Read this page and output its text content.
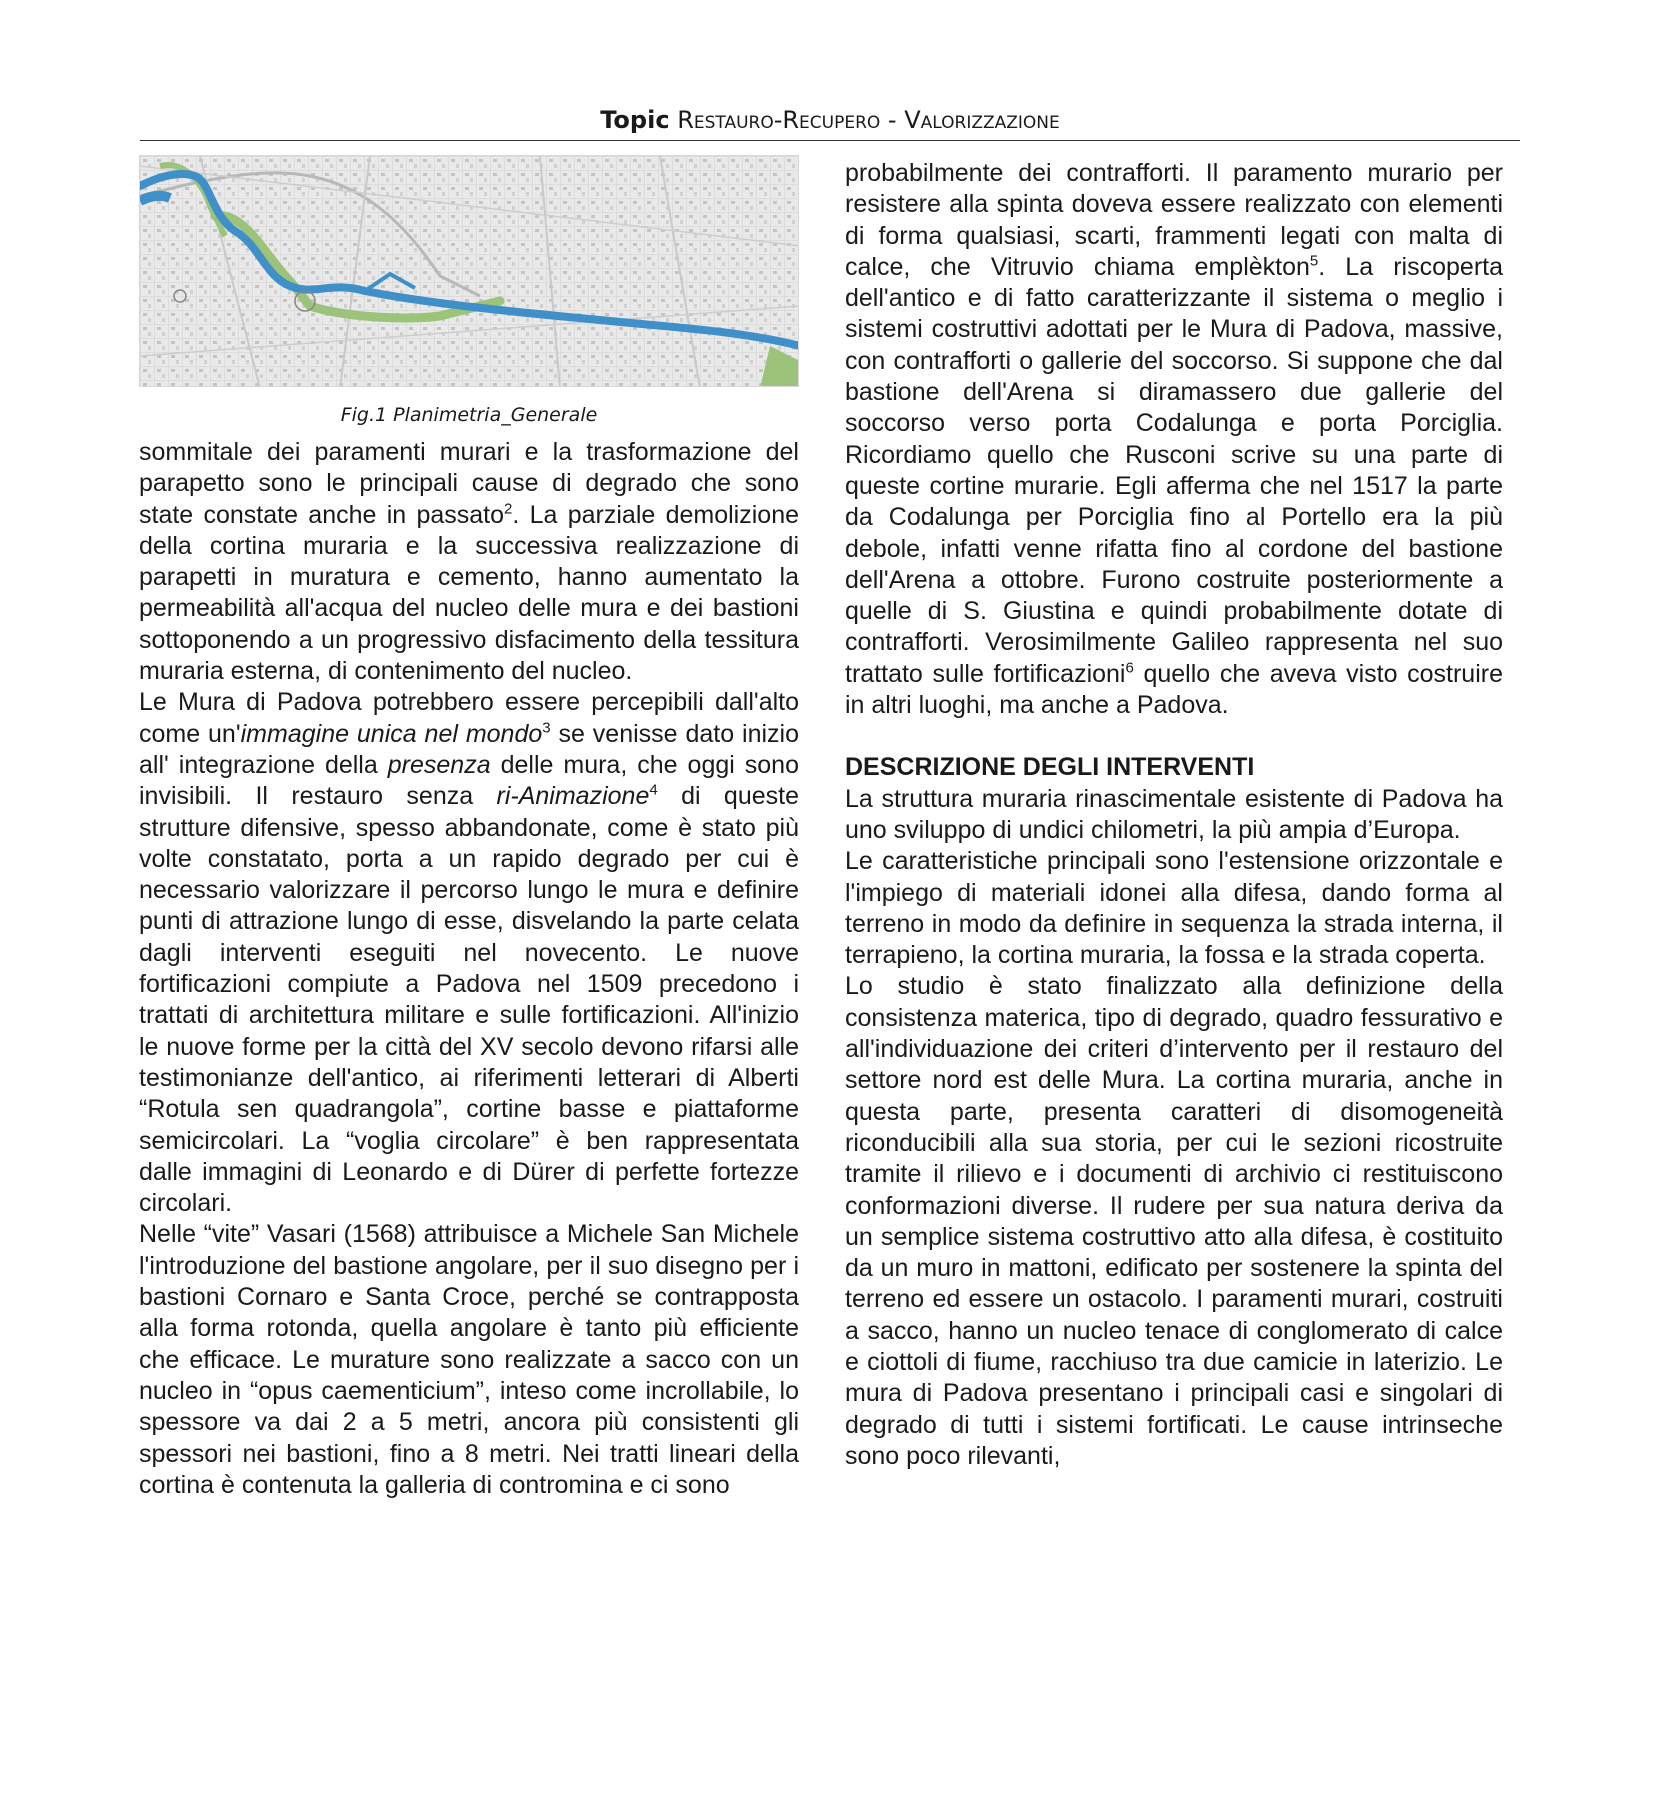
Topic Restauro-Recupero - Valorizzazione
Fig.1 Planimetria_Generale

sommitale dei paramenti murari e la trasformazione del parapetto sono le principali cause di degrado che sono state constate anche in passato$^2$. La parziale demolizione della cortina muraria e la successiva realizzazione di parapetti in muratura e cemento, hanno aumentato la permeabilità all'acqua del nucleo delle mura e dei bastioni sottoponendo a un progressivo disfacimento della tessitura muraria esterna, di contenimento del nucleo.

Le Mura di Padova potrebbero essere percepibili dall'alto come un'immagine unica nel mondo$^3$ se venisse dato inizio all' integrazione della presenza delle mura, che oggi sono invisibili. Il restauro senza ri-Animazione$^4$ di queste strutture difensive, spesso abbandonate, come è stato più volte constatato, porta a un rapido degrado per cui è necessario valorizzare il percorso lungo le mura e definire punti di attrazione lungo di esse, disvelando la parte celata dagli interventi eseguiti nel novecento. Le nuove fortificazioni compiute a Padova nel 1509 precedono i trattati di architettura militare e sulle fortificazioni. All'inizio le nuove forme per la città del XV secolo devono rifarsi alle testimonianze dell'antico, ai riferimenti letterari di Alberti “Rotula sen quadrangola”, cortine basse e piattaforme semicircolari. La “voglia circolare” è ben rappresentata dalle immagini di Leonardo e di Dürer di perfette fortezze circolari.

Nelle “vite” Vasari (1568) attribuisce a Michele San Michele l'introduzione del bastione angolare, per il suo disegno per i bastioni Cornaro e Santa Croce, perché se contrapposta alla forma rotonda, quella angolare è tanto più efficiente che efficace. Le murature sono realizzate a sacco con un nucleo in “opus caementicium”, inteso come incrollabile, lo spessore va dai 2 a 5 metri, ancora più consistenti gli spessori nei bastioni, fino a 8 metri. Nei tratti lineari della cortina è contenuta la galleria di contromina e ci sono

probabilmente dei contrafforti. Il paramento murario per resistere alla spinta doveva essere realizzato con elementi di forma qualsiasi, scarti, frammenti legati con malta di calce, che Vitruvio chiama emplèkton$^5$. La riscoperta dell'antico e di fatto caratterizzante il sistema o meglio i sistemi costruttivi adottati per le Mura di Padova, massive, con contrafforti o gallerie del soccorso. Si suppone che dal bastione dell'Arena si diramassero due gallerie del soccorso verso porta Codalunga e porta Porciglia. Ricordiamo quello che Rusconi scrive su una parte di queste cortine murarie. Egli afferma che nel 1517 la parte da Codalunga per Porciglia fino al Portello era la più debole, infatti venne rifatta fino al cordone del bastione dell'Arena a ottobre. Furono costruite posteriormente a quelle di S. Giustina e quindi probabilmente dotate di contrafforti. Verosimilmente Galileo rappresenta nel suo trattato sulle fortificazioni$^6$ quello che aveva visto costruire in altri luoghi, ma anche a Padova.

DESCRIZIONE DEGLI INTERVENTI

La struttura muraria rinascimentale esistente di Padova ha uno sviluppo di undici chilometri, la più ampia d’Europa.

Le caratteristiche principali sono l'estensione orizzontale e l'impiego di materiali idonei alla difesa, dando forma al terreno in modo da definire in sequenza la strada interna, il terrapieno, la cortina muraria, la fossa e la strada coperta.

Lo studio è stato finalizzato alla definizione della consistenza materica, tipo di degrado, quadro fessurativo e all'individuazione dei criteri d’intervento per il restauro del settore nord est delle Mura. La cortina muraria, anche in questa parte, presenta caratteri di disomogeneità riconducibili alla sua storia, per cui le sezioni ricostruite tramite il rilievo e i documenti di archivio ci restituiscono conformazioni diverse. Il rudere per sua natura deriva da un semplice sistema costruttivo atto alla difesa, è costituito da un muro in mattoni, edificato per sostenere la spinta del terreno ed essere un ostacolo. I paramenti murari, costruiti a sacco, hanno un nucleo tenace di conglomerato di calce e ciottoli di fiume, racchiuso tra due camicie in laterizio. Le mura di Padova presentano i principali casi e singolari di degrado di tutti i sistemi fortificati. Le cause intrinseche sono poco rilevanti,
